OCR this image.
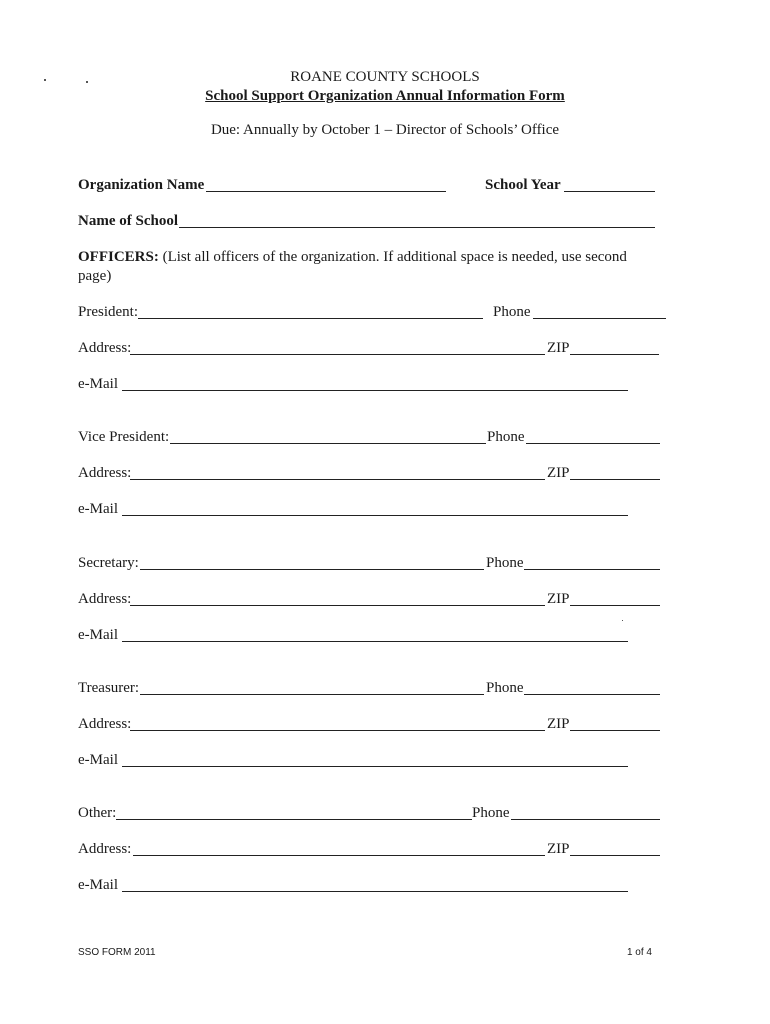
ROANE COUNTY SCHOOLS
School Support Organization Annual Information Form
Due: Annually by October 1 – Director of Schools’ Office
Organization Name	School Year
Name of School
OFFICERS: (List all officers of the organization. If additional space is needed, use second page)
President:	Phone
Address:	ZIP
e-Mail
Vice President:	Phone
Address:	ZIP
e-Mail
Secretary:	Phone
Address:	ZIP
e-Mail
Treasurer:	Phone
Address:	ZIP
e-Mail
Other:	Phone
Address:	ZIP
e-Mail
SSO FORM 2011	1 of 4
